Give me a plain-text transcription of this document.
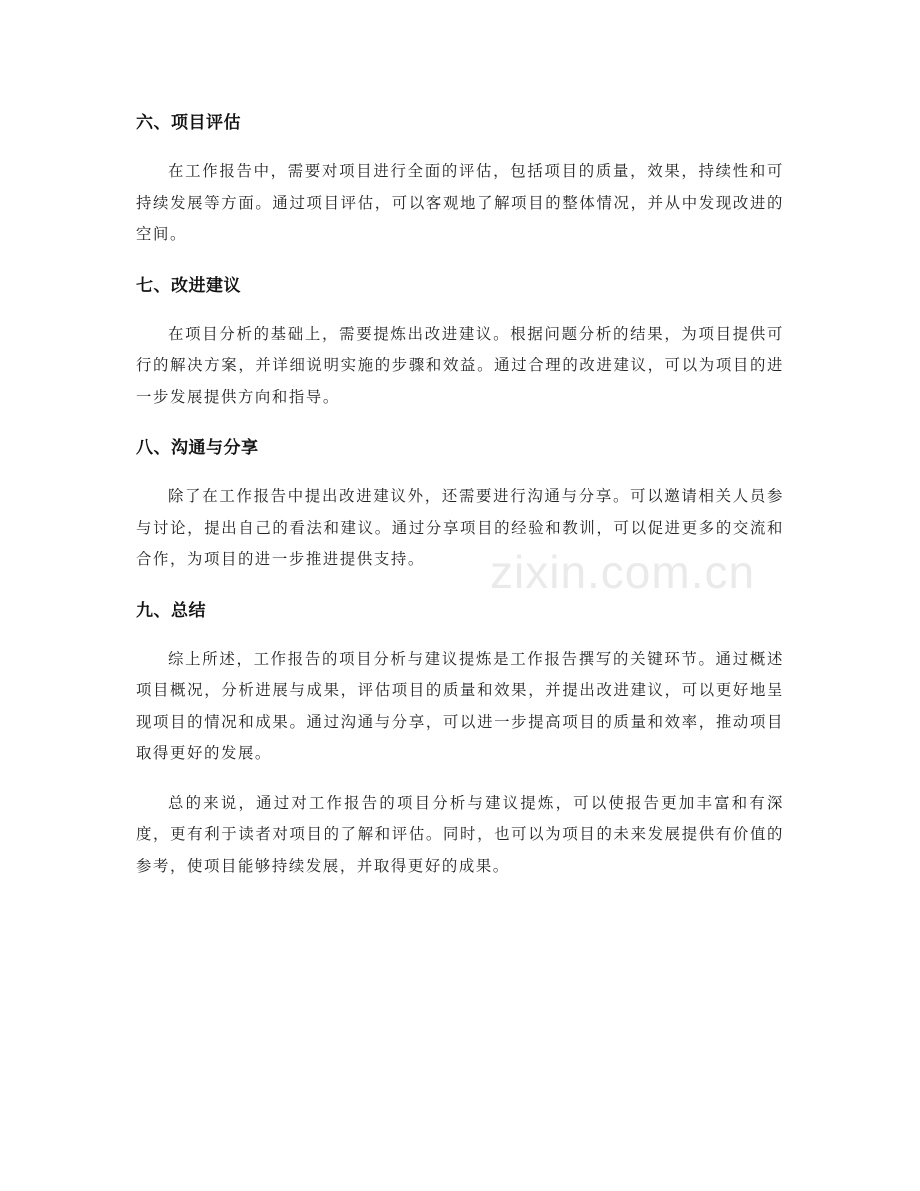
六、项目评估

在工作报告中，需要对项目进行全面的评估，包括项目的质量，效果，持续性和可持续发展等方面。通过项目评估，可以客观地了解项目的整体情况，并从中发现改进的空间。

七、改进建议

在项目分析的基础上，需要提炼出改进建议。根据问题分析的结果，为项目提供可行的解决方案，并详细说明实施的步骤和效益。通过合理的改进建议，可以为项目的进一步发展提供方向和指导。

八、沟通与分享

除了在工作报告中提出改进建议外，还需要进行沟通与分享。可以邀请相关人员参与讨论，提出自己的看法和建议。通过分享项目的经验和教训，可以促进更多的交流和合作，为项目的进一步推进提供支持。

九、总结

综上所述，工作报告的项目分析与建议提炼是工作报告撰写的关键环节。通过概述项目概况，分析进展与成果，评估项目的质量和效果，并提出改进建议，可以更好地呈现项目的情况和成果。通过沟通与分享，可以进一步提高项目的质量和效率，推动项目取得更好的发展。

总的来说，通过对工作报告的项目分析与建议提炼，可以使报告更加丰富和有深度，更有利于读者对项目的了解和评估。同时，也可以为项目的未来发展提供有价值的参考，使项目能够持续发展，并取得更好的成果。

zixin.com.cn
